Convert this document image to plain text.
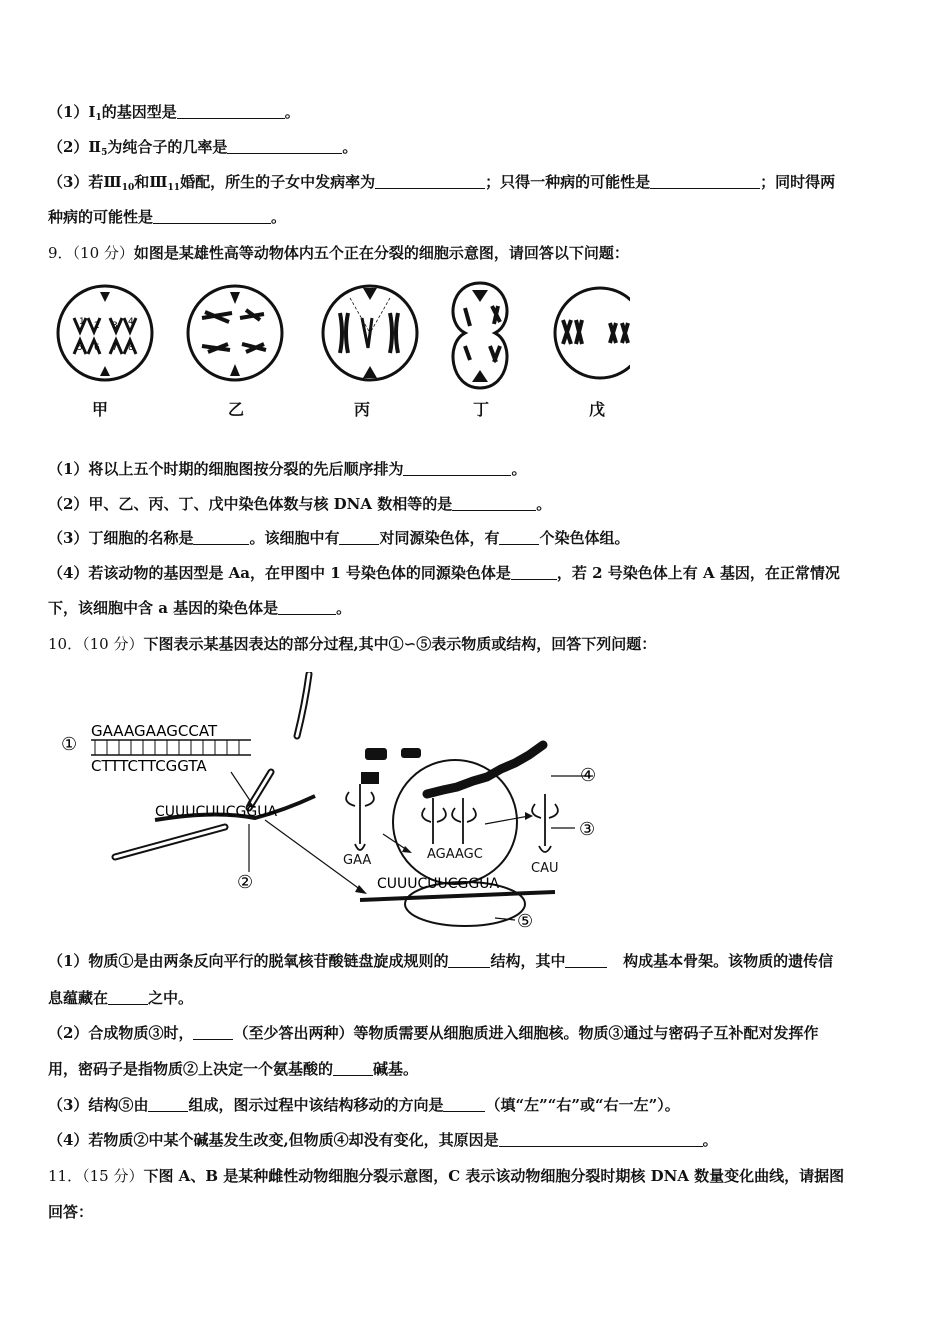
$(1)Ⅰ_1$的基因型是	。
$(2)Ⅱ_5$为纯合子的几率是	。
（3）若$Ⅲ_{10}$和$Ⅲ_{11}$婚配，所生的子女中发病率为	；只得一种病的可能性是	；同时得两
种病的可能性是	。
9．（10 分）如图是某雄性高等动物体内五个正在分裂的细胞示意图，请回答以下问题：
1 2 3 4
5 6 7 8
甲	乙	丙	丁	戊
（1）将以上五个时期的细胞图按分裂的先后顺序排为	。
（2）甲、乙、丙、丁、戊中染色体数与核 DNA 数相等的是	。
（3）丁细胞的名称是	。该细胞中有	对同源染色体，有	个染色体组。
（4）若该动物的基因型是 Aa，在甲图中 1 号染色体的同源染色体是	，若 2 号染色体上有 A 基因，在正常情况
下，该细胞中含 a 基因的染色体是	。
10．（10 分）下图表示某基因表达的部分过程,其中①∽⑤表示物质或结构，回答下列问题：
①
GAAAGAAGCCAT
CTTTCTTCGGTA
CUUUCUUCGGUA
②	CUUUCUUCGGUA
GAA	AGAAGC
CAU
④
③
⑤
（1）物质①是由两条反向平行的脱氧核苷酸链盘旋成规则的	结构，其中	构成基本骨架。该物质的遗传信
息蕴藏在	之中。
（2）合成物质③时，	（至少答出两种）等物质需要从细胞质进入细胞核。物质③通过与密码子互补配对发挥作
用，密码子是指物质②上决定一个氨基酸的	碱基。
（3）结构⑤由	组成，图示过程中该结构移动的方向是	（填“左”“右”或“右一左”）。
（4）若物质②中某个碱基发生改变,但物质④却没有变化，其原因是	。
11．（15 分）下图 A、B 是某种雌性动物细胞分裂示意图，C 表示该动物细胞分裂时期核 DNA 数量变化曲线，请据图
回答：
